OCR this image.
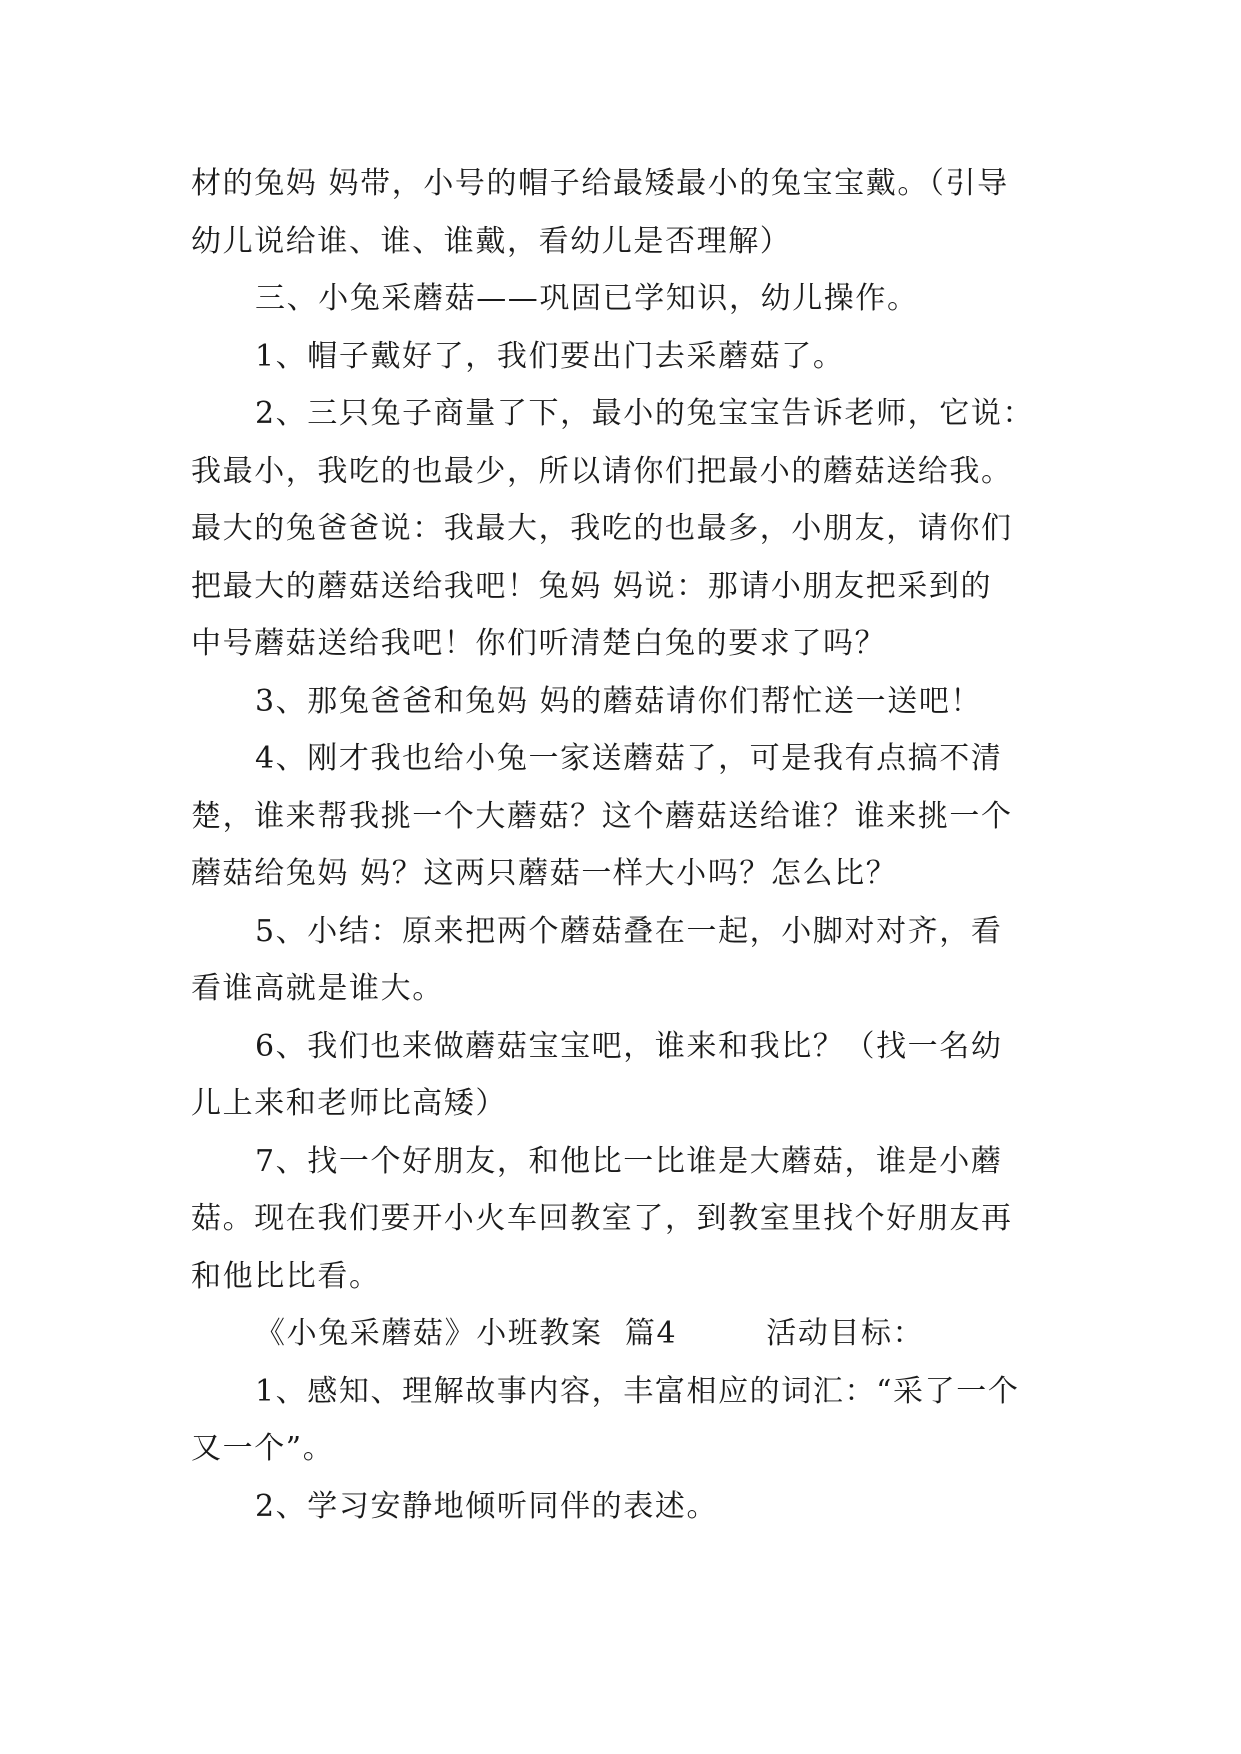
材的兔妈 妈带，小号的帽子给最矮最小的兔宝宝戴。（引导
幼儿说给谁、谁、谁戴，看幼儿是否理解）
三、小兔采蘑菇——巩固已学知识，幼儿操作。
1、帽子戴好了，我们要出门去采蘑菇了。
2、三只兔子商量了下，最小的兔宝宝告诉老师，它说：
我最小，我吃的也最少，所以请你们把最小的蘑菇送给我。
最大的兔爸爸说：我最大，我吃的也最多，小朋友，请你们
把最大的蘑菇送给我吧！兔妈 妈说：那请小朋友把采到的
中号蘑菇送给我吧！你们听清楚白兔的要求了吗？
3、那兔爸爸和兔妈 妈的蘑菇请你们帮忙送一送吧！
4、刚才我也给小兔一家送蘑菇了，可是我有点搞不清
楚，谁来帮我挑一个大蘑菇？这个蘑菇送给谁？谁来挑一个
蘑菇给兔妈 妈？这两只蘑菇一样大小吗？怎么比？
5、小结：原来把两个蘑菇叠在一起，小脚对对齐，看
看谁高就是谁大。
6、我们也来做蘑菇宝宝吧，谁来和我比？（找一名幼
儿上来和老师比高矮）
7、找一个好朋友，和他比一比谁是大蘑菇，谁是小蘑
菇。现在我们要开小火车回教室了，到教室里找个好朋友再
和他比比看。
《小兔采蘑菇》小班教案  篇4        活动目标：
1、感知、理解故事内容，丰富相应的词汇：“采了一个
又一个”。
2、学习安静地倾听同伴的表述。
